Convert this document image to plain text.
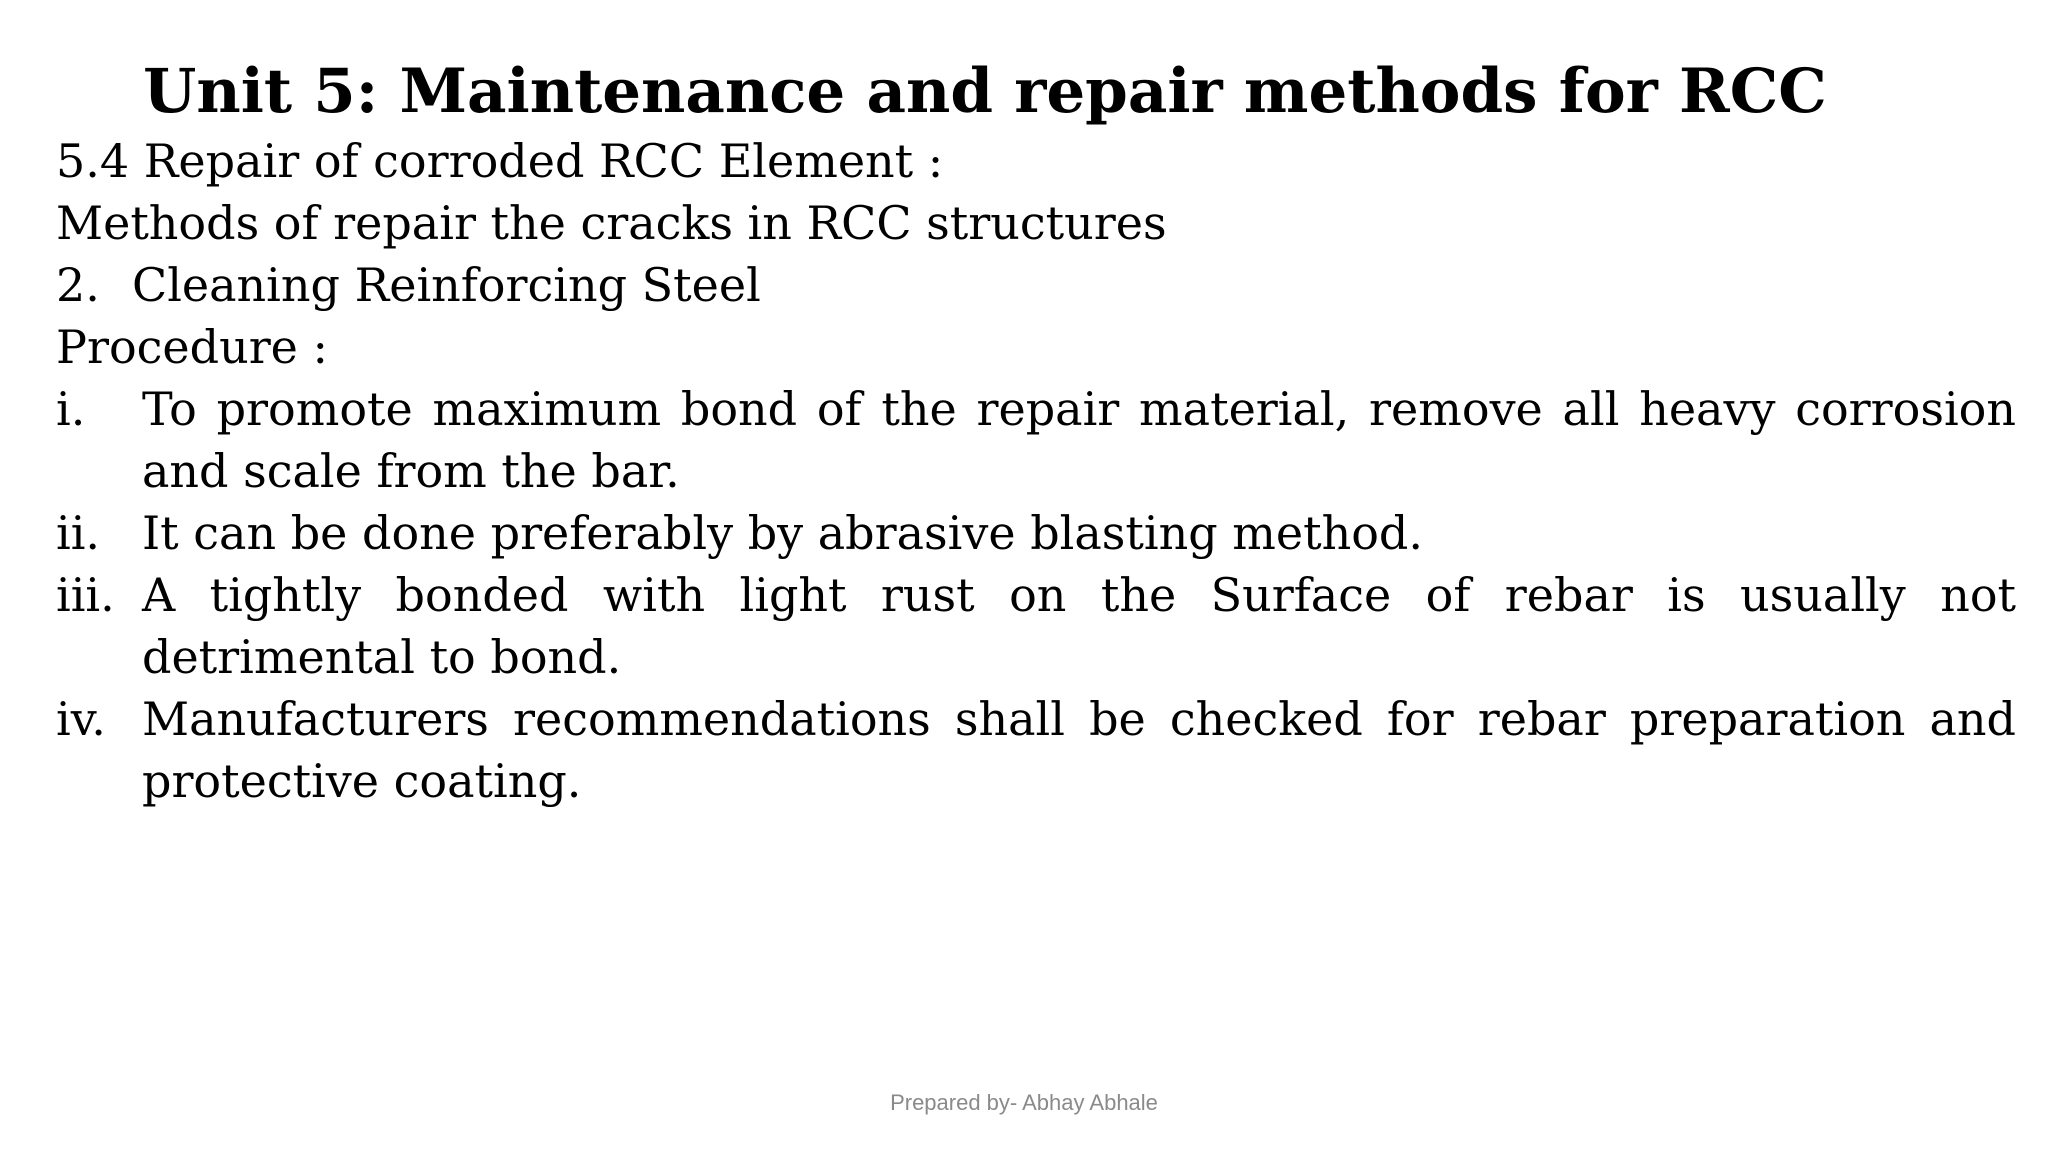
Unit 5: Maintenance and repair methods for RCC
5.4 Repair of corroded RCC Element :
Methods of repair the cracks in RCC structures
2. Cleaning Reinforcing Steel
Procedure :
i.	To promote maximum bond of the repair material, remove all heavy corrosion and scale from the bar.
ii. It can be done preferably by abrasive blasting method.
iii. A tightly bonded with light rust on the Surface of rebar is usually not detrimental to bond.
iv. Manufacturers recommendations shall be checked for rebar preparation and protective coating.
Prepared by- Abhay Abhale
